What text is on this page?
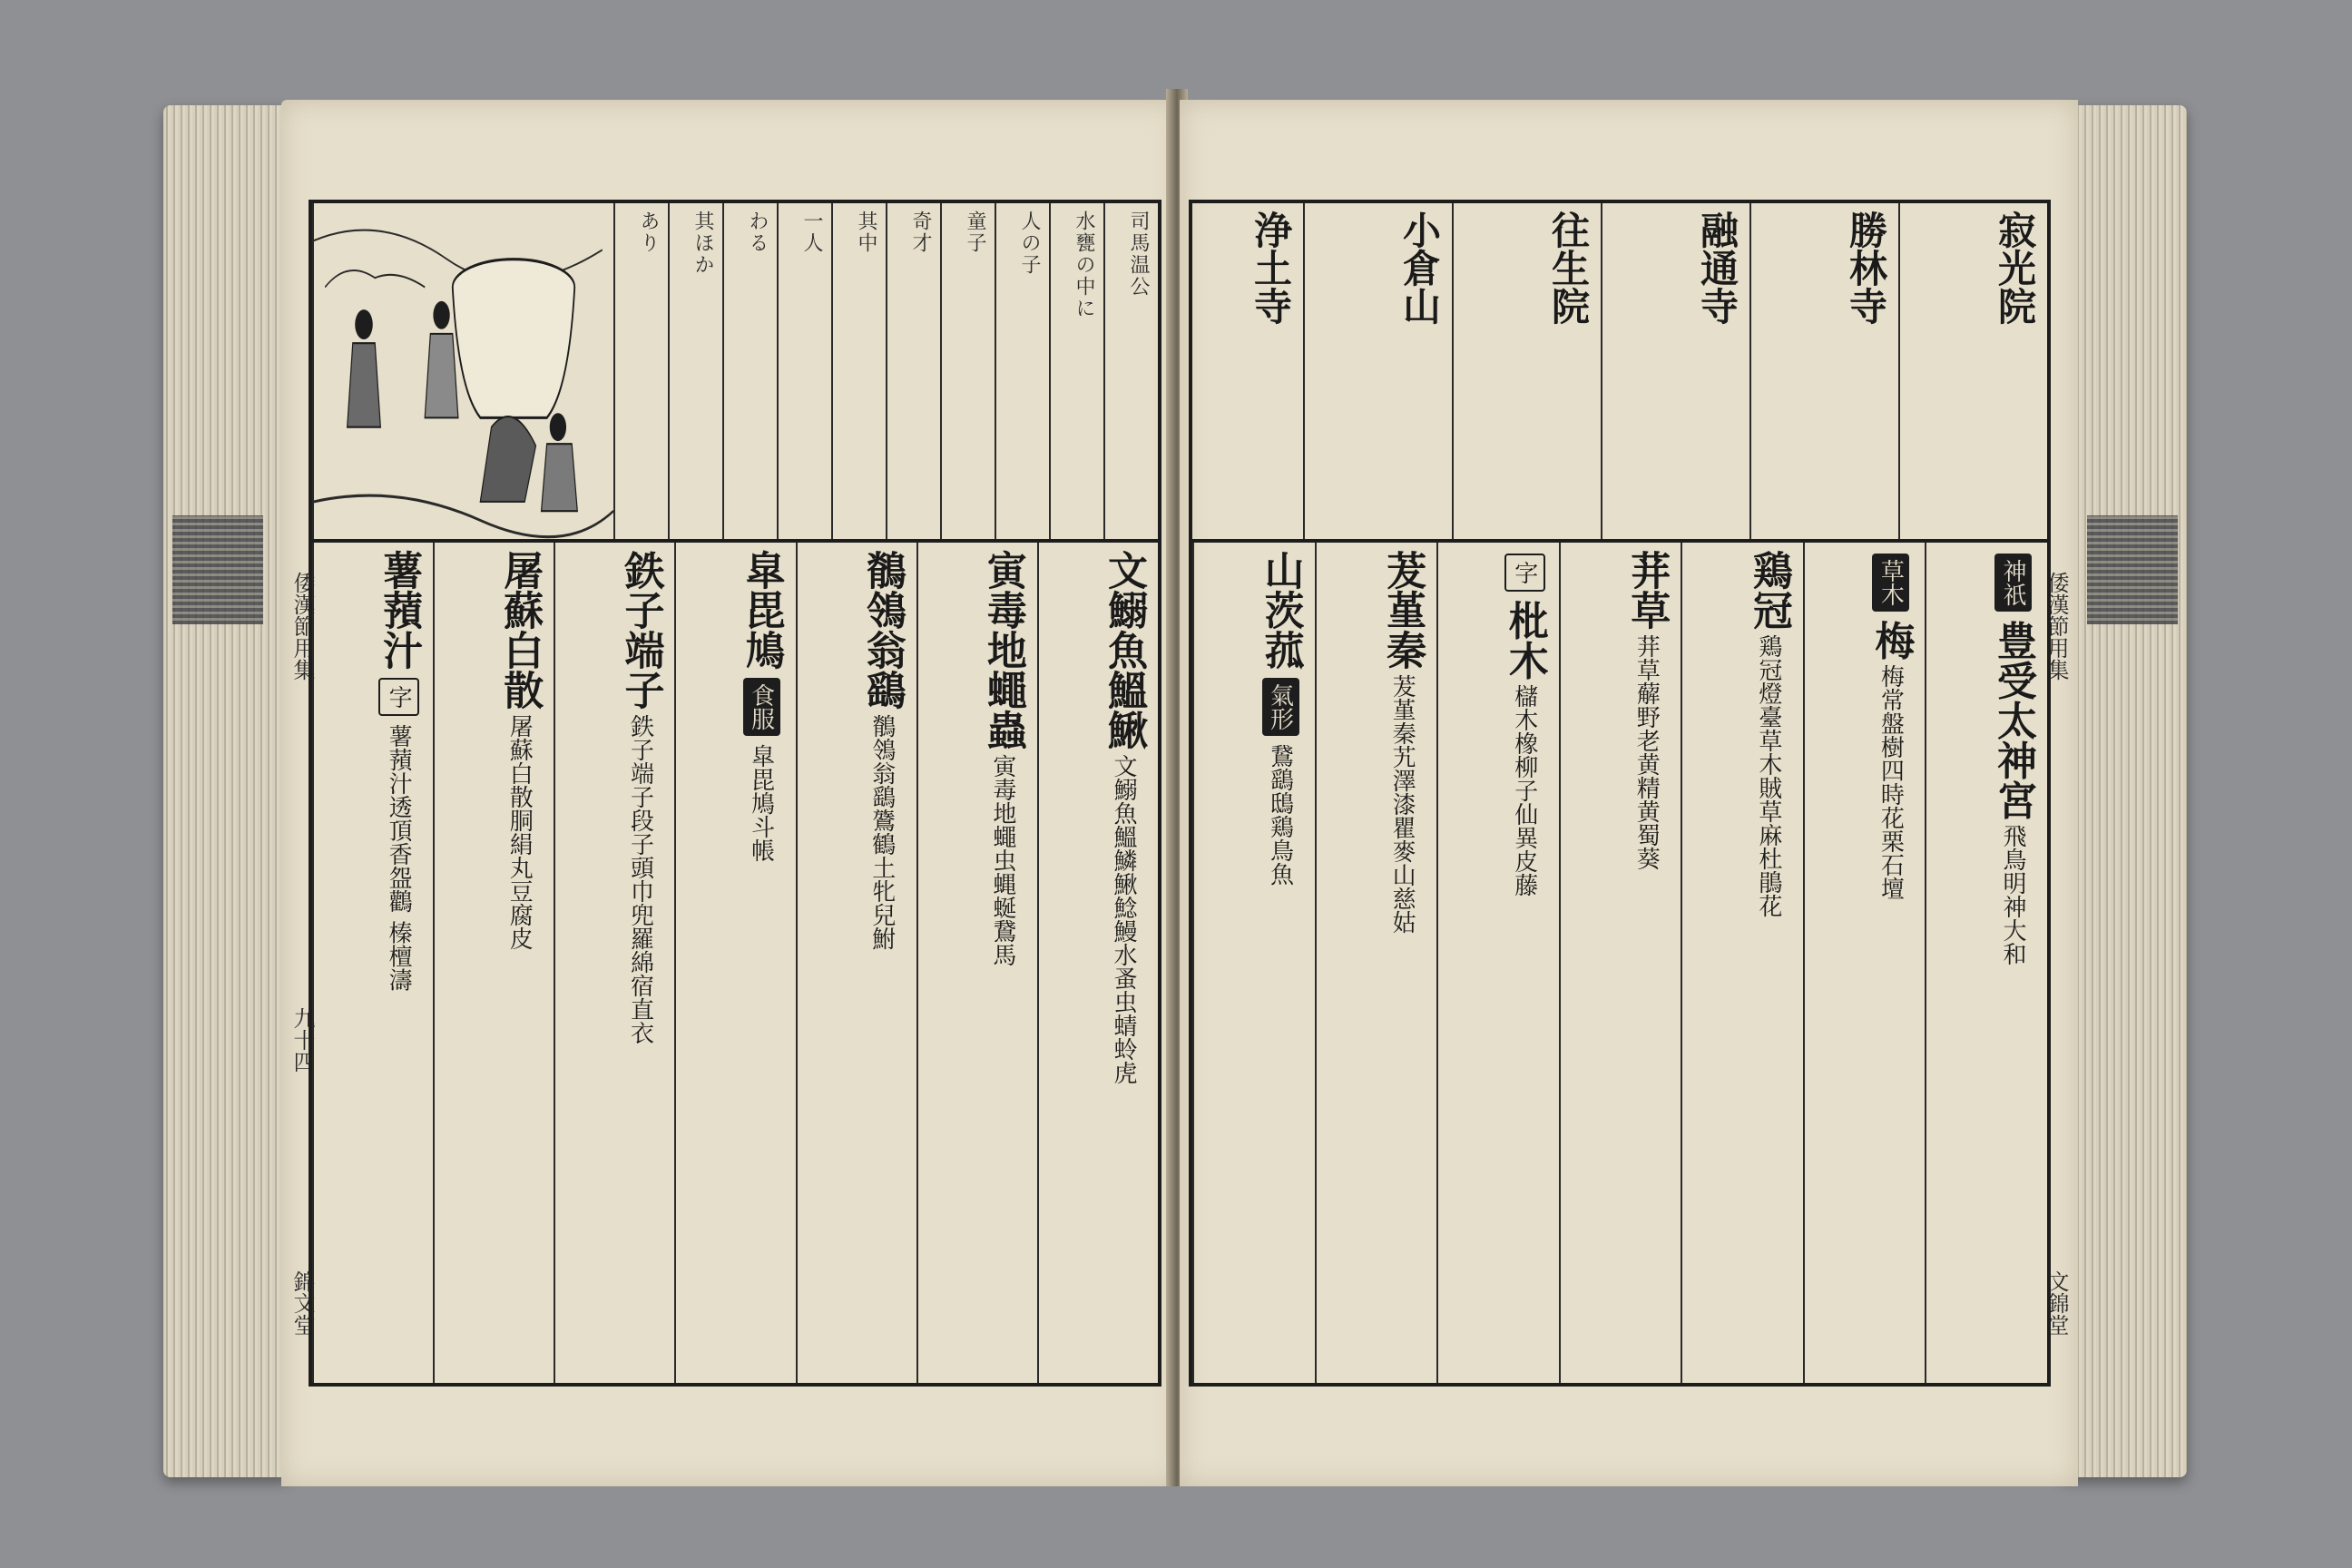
倭漢節用集
九十四
錦文堂
司馬温公
水甕の中に
人の子
童子
奇才
其中
一人
わる
其ほか
あり
文鰯魚鰮鰍 文鰯魚鰮鱗鰍鯰鰻水蚤虫蜻蛉虎
寅毒地蠅蟲 寅毒地蠅虫蝿蜒鵞馬
鶺鴒翁鷂 鶺鴒翁鷂鷟鶴土牝兒鮒
皐毘鳩 食服 皐毘鳩斗帳
鉄子端子 鉄子端子段子頭巾兜羅綿宿直衣
屠蘇白散 屠蘇白散胴絹丸豆腐皮
薯蕷汁 字 薯蕷汁透頂香盌鸛 榛檀濤
倭漢節用集
文錦堂
寂光院
勝林寺
融通寺
往生院
小倉山
浄土寺
神祇 豊受太神宮 飛鳥明神大和
草木 梅 梅常盤樹四時花栗石壇
鶏冠 鶏冠燈臺草木賊草麻杜鵑花
荓草 荓草薢野老黄精黄蜀葵
字 枇木 櫧木橡柳子仙異皮藤
茇堇秦 茇堇秦艽澤漆瞿麥山慈姑
山茨菰 氣形 鵞鷂鴟鶏鳥魚
